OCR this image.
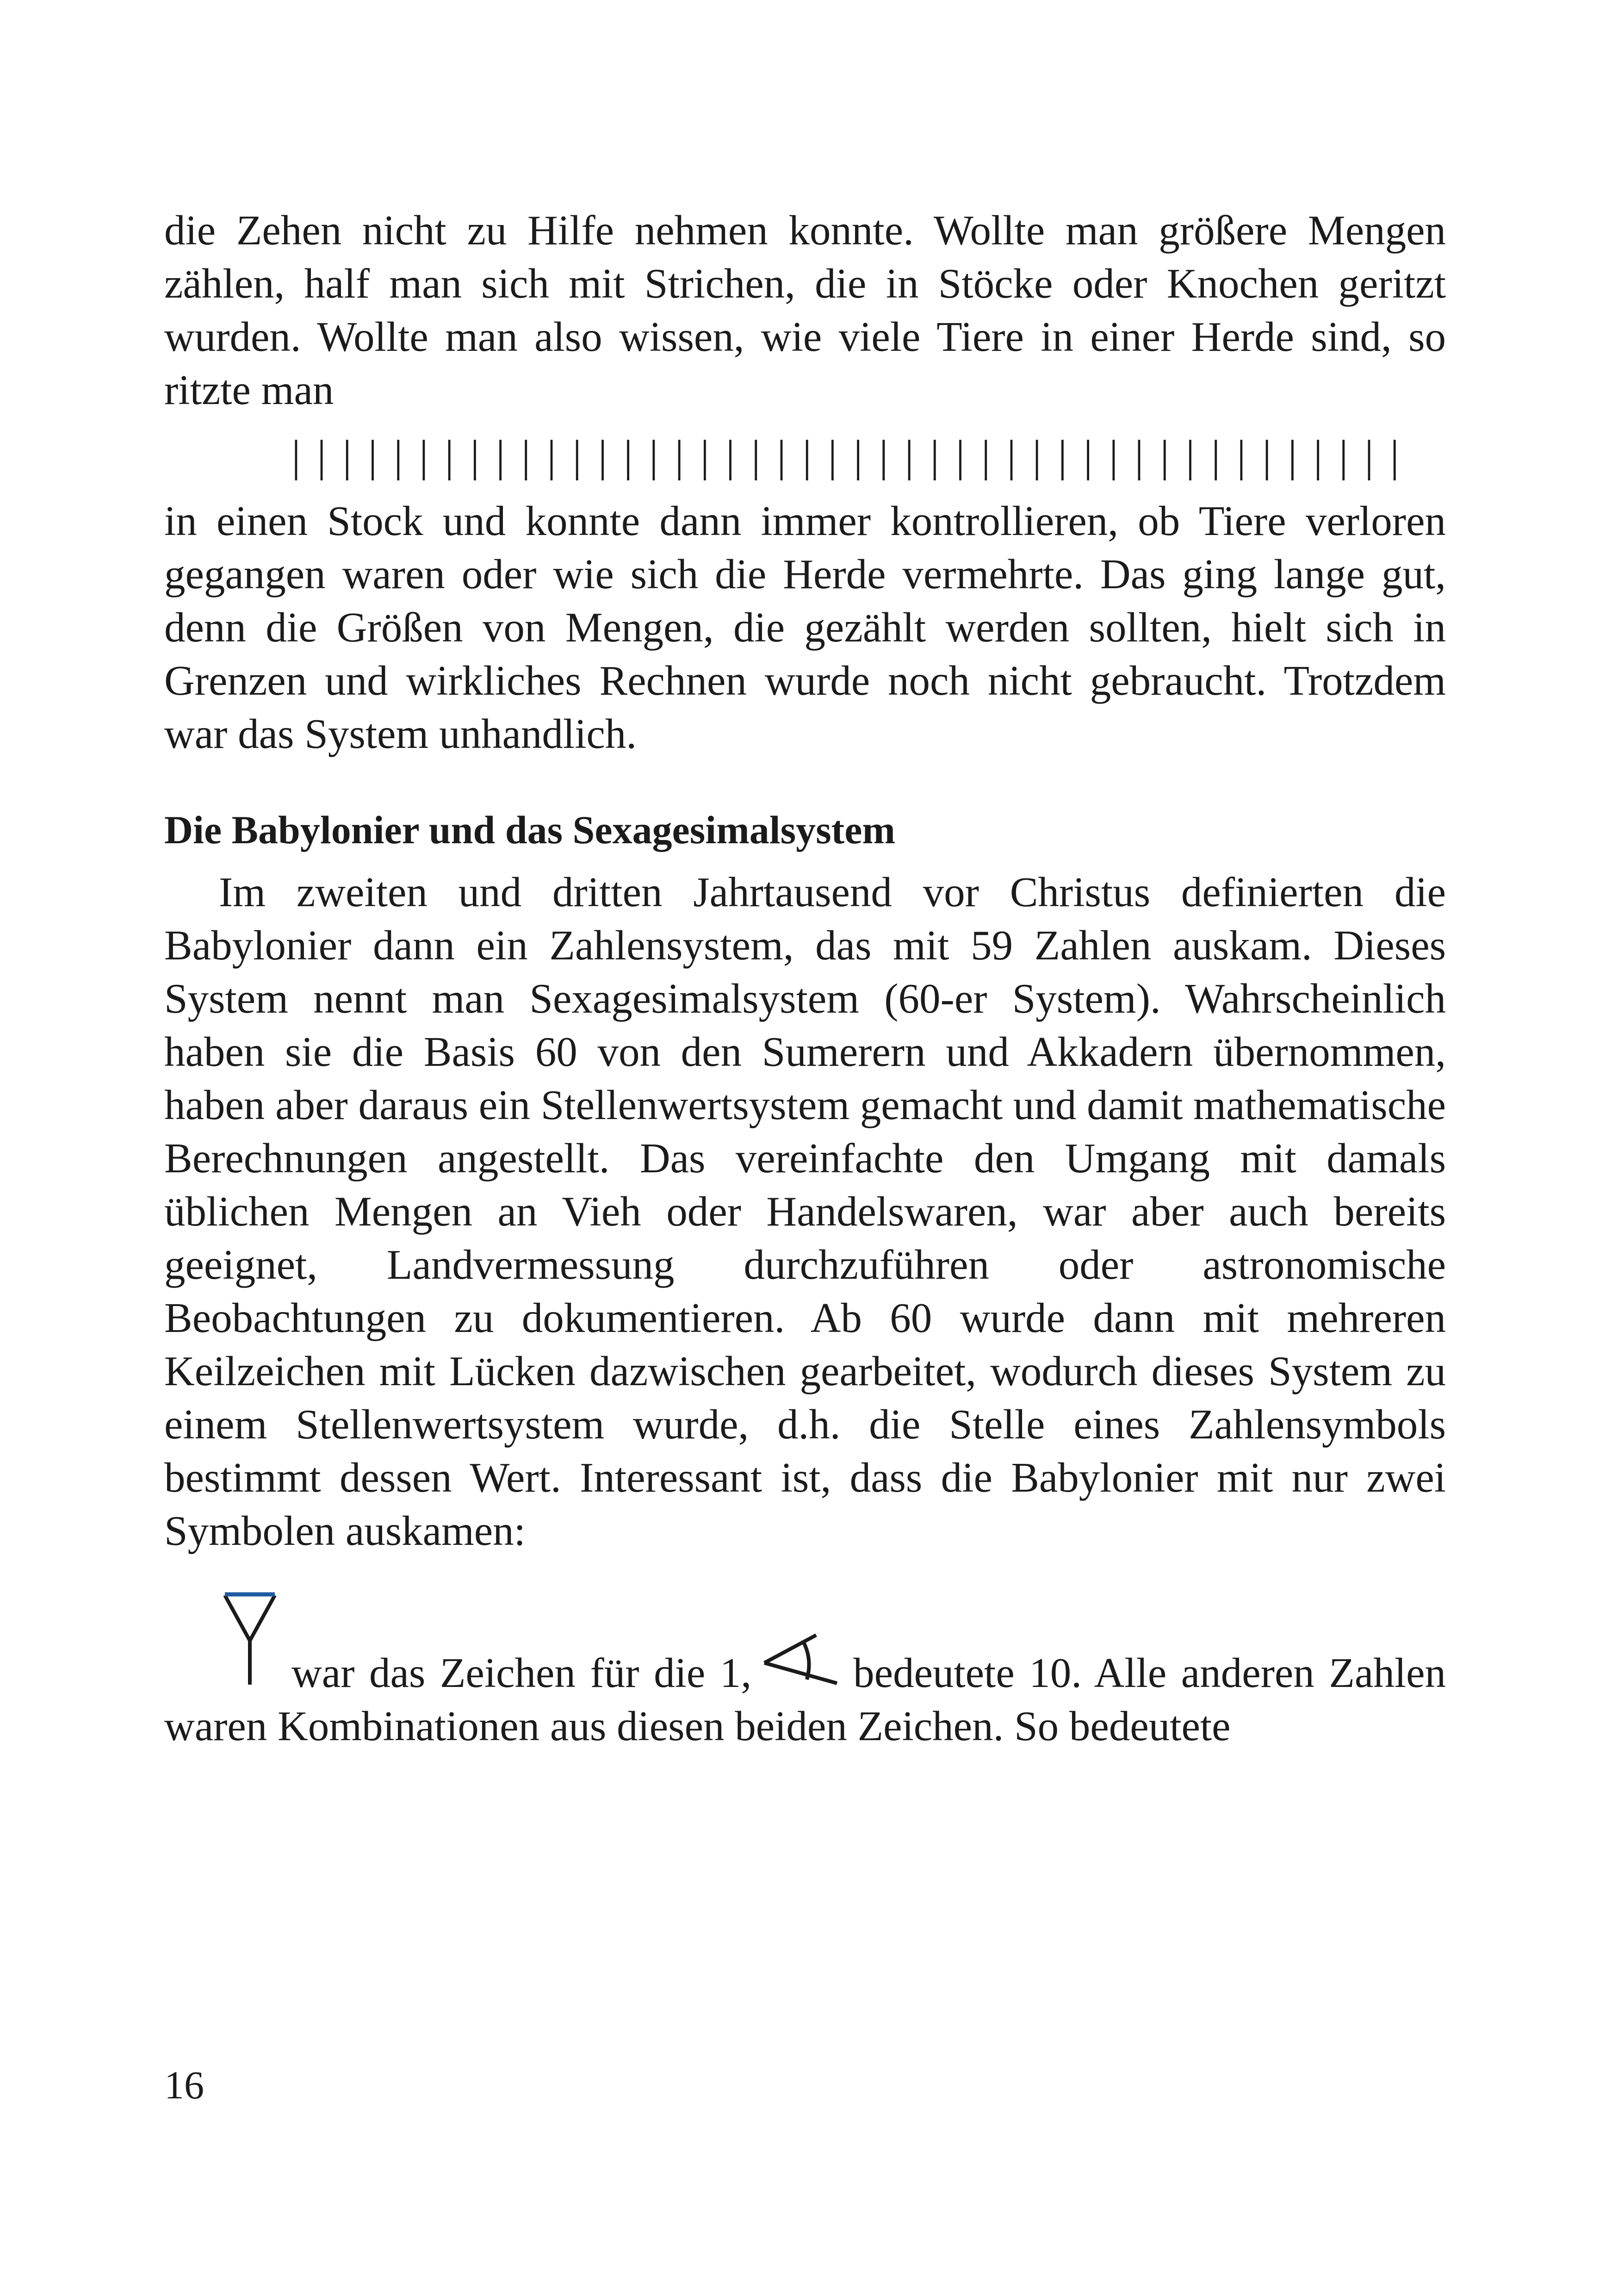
die Zehen nicht zu Hilfe nehmen konnte. Wollte man größere Mengen zählen, half man sich mit Strichen, die in Stöcke oder Knochen geritzt wurden. Wollte man also wissen, wie viele Tiere in einer Herde sind, so ritzte man

| | | | | | | | | | | | | | | | | | | | | | | | | | | | | | | | | | | | | | | | | | | |

in einen Stock und konnte dann immer kontrollieren, ob Tiere verloren gegangen waren oder wie sich die Herde vermehrte. Das ging lange gut, denn die Größen von Mengen, die gezählt werden sollten, hielt sich in Grenzen und wirkliches Rechnen wurde noch nicht gebraucht. Trotzdem war das System unhandlich.

Die Babylonier und das Sexagesimalsystem

Im zweiten und dritten Jahrtausend vor Christus definierten die Babylonier dann ein Zahlensystem, das mit 59 Zahlen auskam. Dieses System nennt man Sexagesimalsystem (60-er System). Wahrscheinlich haben sie die Basis 60 von den Sumerern und Akkadern übernommen, haben aber daraus ein Stellenwertsystem gemacht und damit mathematische Berechnungen angestellt. Das vereinfachte den Umgang mit damals üblichen Mengen an Vieh oder Handelswaren, war aber auch bereits geeignet, Landvermessung durchzuführen oder astronomische Beobachtungen zu dokumentieren. Ab 60 wurde dann mit mehreren Keilzeichen mit Lücken dazwischen gearbeitet, wodurch dieses System zu einem Stellenwertsystem wurde, d.h. die Stelle eines Zahlensymbols bestimmt dessen Wert. Interessant ist, dass die Babylonier mit nur zwei Symbolen auskamen:

war das Zeichen für die 1, bedeutete 10. Alle anderen Zahlen waren Kombinationen aus diesen beiden Zeichen. So bedeutete

16
